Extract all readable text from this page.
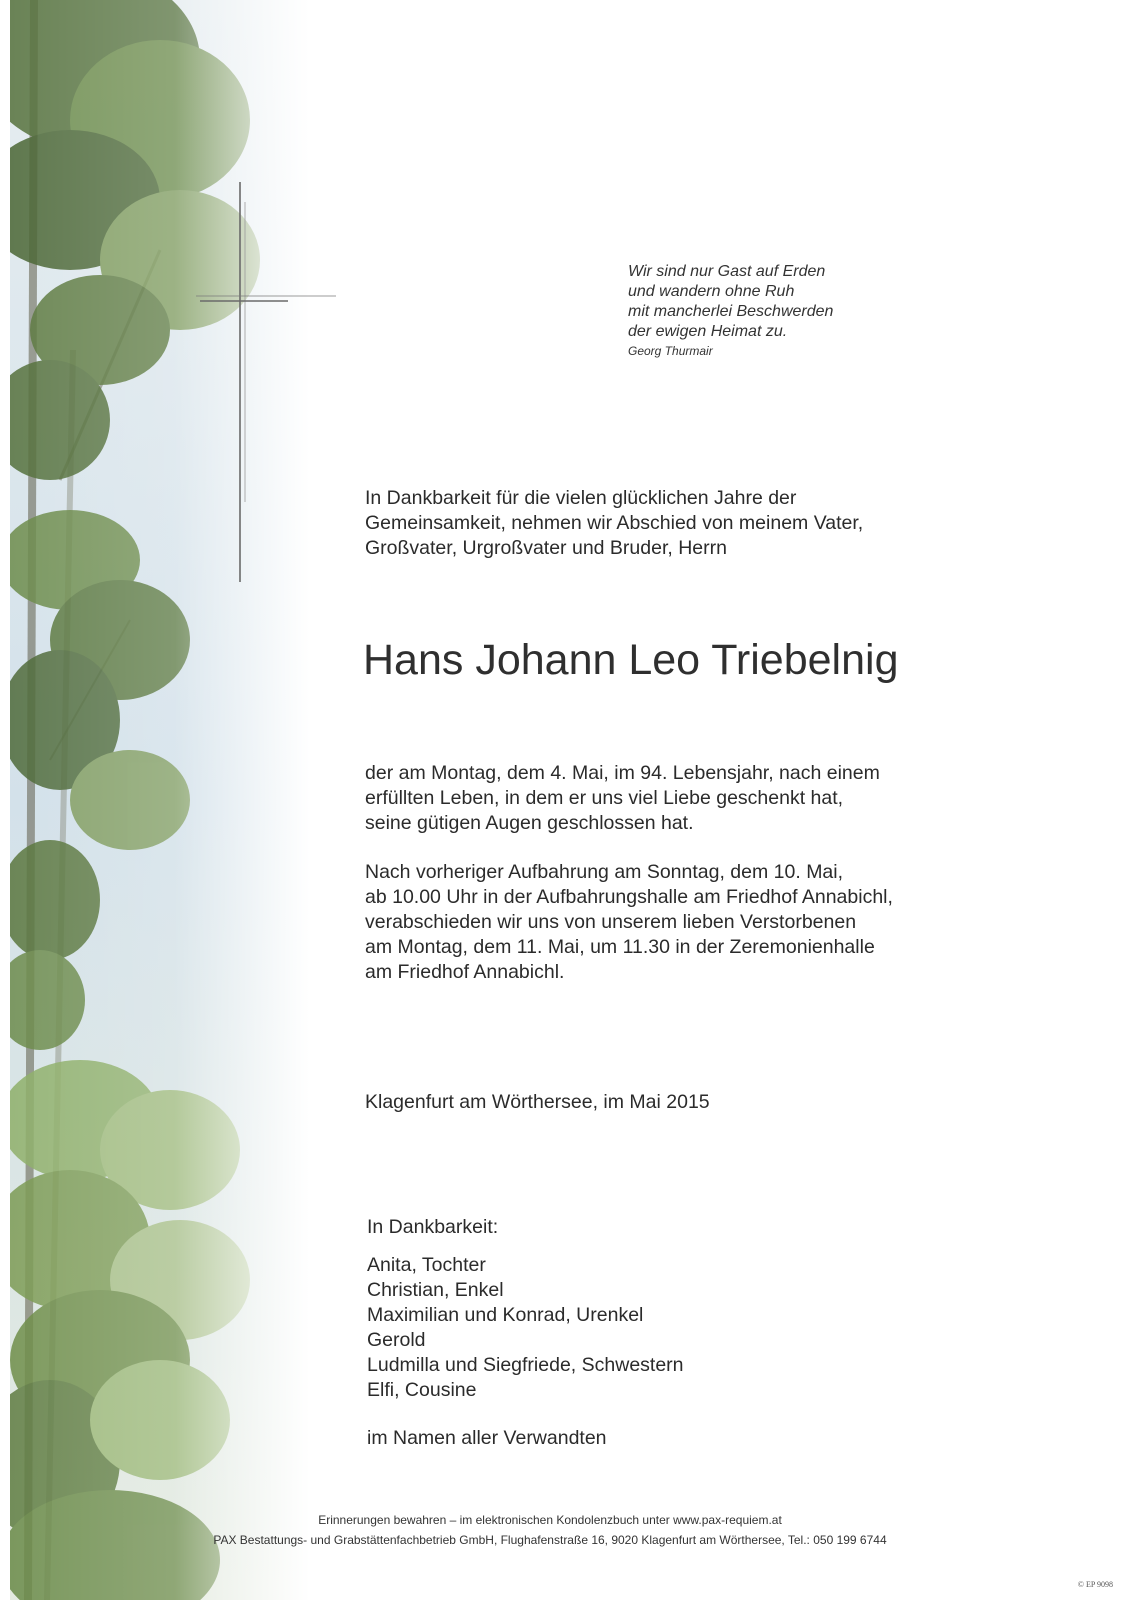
Wir sind nur Gast auf Erden
und wandern ohne Ruh
mit mancherlei Beschwerden
der ewigen Heimat zu.
Georg Thurmair
In Dankbarkeit für die vielen glücklichen Jahre der
Gemeinsamkeit, nehmen wir Abschied von meinem Vater,
Großvater, Urgroßvater und Bruder, Herrn
Hans Johann Leo Triebelnig
der am Montag, dem 4. Mai, im 94. Lebensjahr, nach einem
erfüllten Leben, in dem er uns viel Liebe geschenkt hat,
seine gütigen Augen geschlossen hat.
Nach vorheriger Aufbahrung am Sonntag, dem 10. Mai,
ab 10.00 Uhr in der Aufbahrungshalle am Friedhof Annabichl,
verabschieden wir uns von unserem lieben Verstorbenen
am Montag, dem 11. Mai, um 11.30 in der Zeremonienhalle
am Friedhof Annabichl.
Klagenfurt am Wörthersee, im Mai 2015
In Dankbarkeit:
Anita, Tochter
Christian, Enkel
Maximilian und Konrad, Urenkel
Gerold
Ludmilla und Siegfriede, Schwestern
Elfi, Cousine
im Namen aller Verwandten
Erinnerungen bewahren – im elektronischen Kondolenzbuch unter www.pax-requiem.at
PAX Bestattungs- und Grabstättenfachbetrieb GmbH, Flughafenstraße 16, 9020 Klagenfurt am Wörthersee, Tel.: 050 199 6744
© EP 9098
